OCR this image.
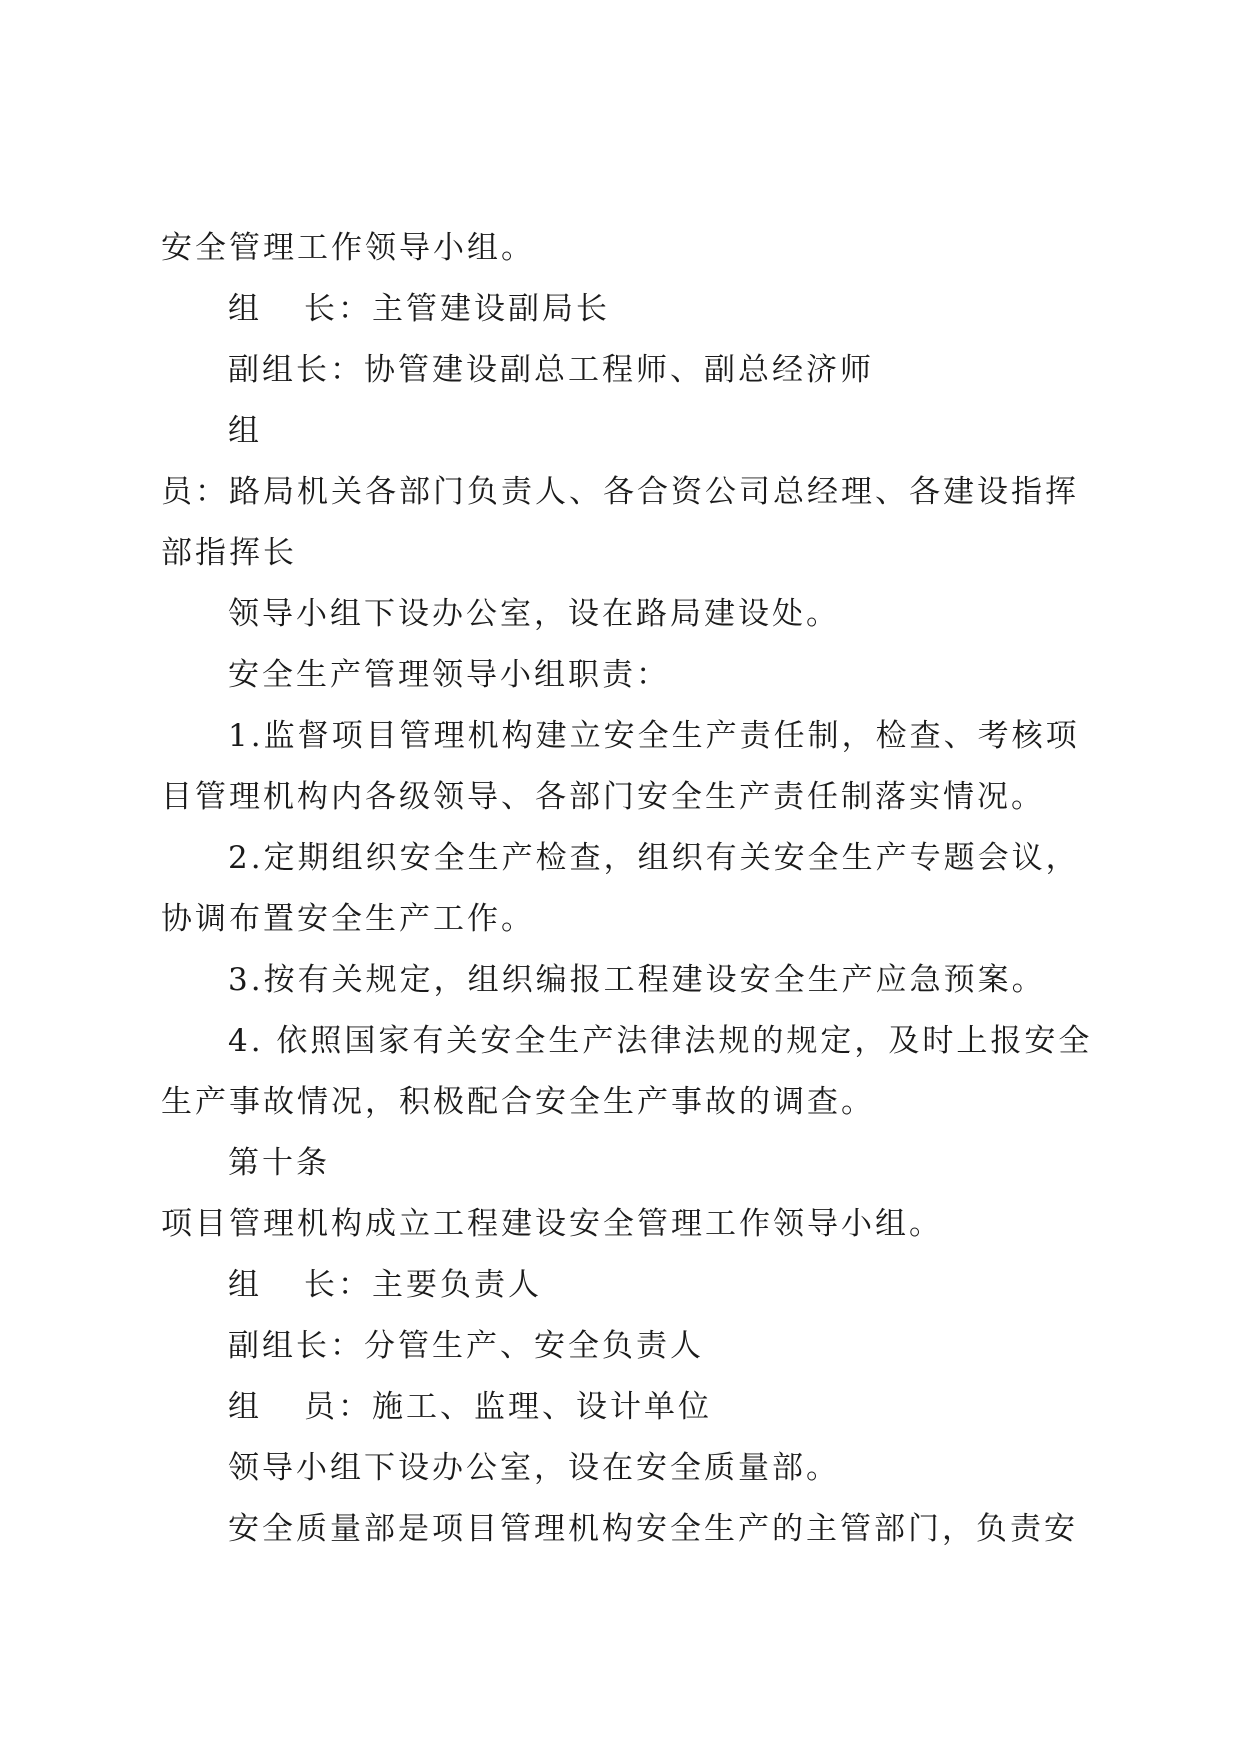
安全管理工作领导小组。
组 长：主管建设副局长
副组长：协管建设副总工程师、副总经济师
组
员：路局机关各部门负责人、各合资公司总经理、各建设指挥
部指挥长
领导小组下设办公室，设在路局建设处。
安全生产管理领导小组职责：
1.监督项目管理机构建立安全生产责任制，检查、考核项
目管理机构内各级领导、各部门安全生产责任制落实情况。
2.定期组织安全生产检查，组织有关安全生产专题会议，
协调布置安全生产工作。
3.按有关规定，组织编报工程建设安全生产应急预案。
4. 依照国家有关安全生产法律法规的规定，及时上报安全
生产事故情况，积极配合安全生产事故的调查。
第十条
项目管理机构成立工程建设安全管理工作领导小组。
组 长：主要负责人
副组长：分管生产、安全负责人
组 员：施工、监理、设计单位
领导小组下设办公室，设在安全质量部。
安全质量部是项目管理机构安全生产的主管部门，负责安
